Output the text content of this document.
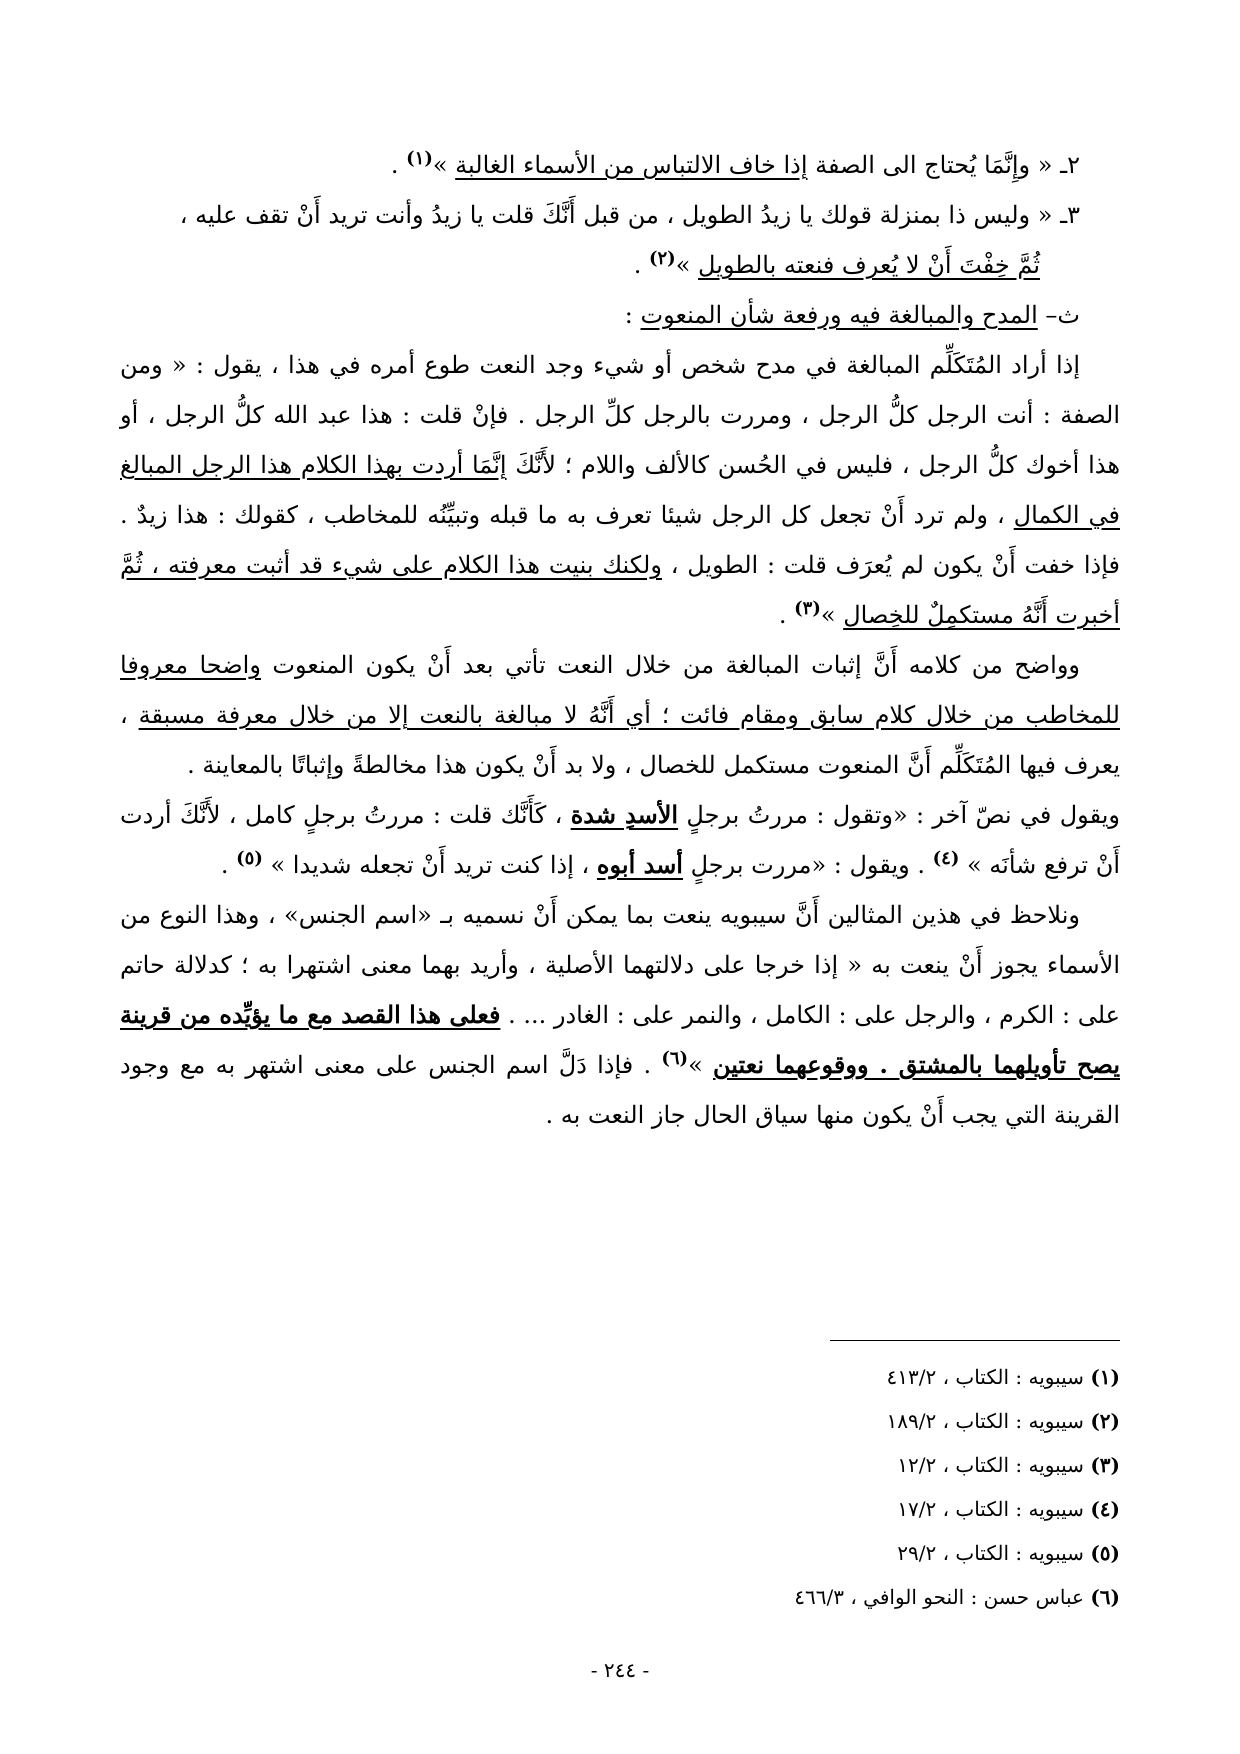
٢ـ « وإِنَّمَا يُحتاج الى الصفة إذا خاف الالتباس من الأسماء الغالبة »$^{(١)}$ .

٣ـ « وليس ذا بمنزلة قولك يا زيدُ الطويل ، من قبل أَنَّكَ قلت يا زيدُ وأنت تريد أَنْ تقف عليه ،
ثُمَّ خِفْتَ أَنْ لا يُعرف فنعته بالطويل »$^{(٢)}$ .

ث– المدح والمبالغة فيه ورفعة شأن المنعوت :

إذا أراد المُتَكَلِّم المبالغة في مدح شخص أو شيء وجد النعت طوع أمره في هذا ، يقول : « ومن الصفة : أنت الرجل كلُّ الرجل ، ومررت بالرجل كلِّ الرجل . فإنْ قلت : هذا عبد الله كلُّ الرجل ، أو هذا أخوك كلُّ الرجل ، فليس في الحُسن كالألف واللام ؛ لأَنَّكَ إنَّمَا أردت بهذا الكلام هذا الرجل المبالغ في الكمال ، ولم ترد أَنْ تجعل كل الرجل شيئا تعرف به ما قبله وتبيِّنُه للمخاطب ، كقولك : هذا زيدٌ . فإذا خفت أَنْ يكون لم يُعرَف قلت : الطويل ، ولكنك بنيت هذا الكلام على شيء قد أثبت معرفته ، ثُمَّ أخبرت أَنَّهُ مستكمِلٌ للخِصال »$^{(٣)}$ .

وواضح من كلامه أَنَّ إثبات المبالغة من خلال النعت تأتي بعد أَنْ يكون المنعوت واضحا معروفا للمخاطب من خلال كلام سابق ومقام فائت ؛ أي أَنَّهُ لا مبالغة بالنعت إلا من خلال معرفة مسبقة ، يعرف فيها المُتَكَلِّم أَنَّ المنعوت مستكمل للخصال ، ولا بد أَنْ يكون هذا مخالطةً وإثباتًا بالمعاينة .

ويقول في نصّ آخر : «وتقول : مررتُ برجلٍ الأسدِ شدة ، كَأَنَّك قلت : مررتُ برجلٍ كامل ، لأَنَّكَ أردت أَنْ ترفع شأنَه » $^{(٤)}$ . ويقول : «مررت برجلٍ أسد أبوه ، إذا كنت تريد أَنْ تجعله شديدا » $^{(٥)}$ .

ونلاحظ في هذين المثالين أَنَّ سيبويه ينعت بما يمكن أَنْ نسميه بـ «اسم الجنس» ، وهذا النوع من الأسماء يجوز أَنْ ينعت به « إذا خرجا على دلالتهما الأصلية ، وأريد بهما معنى اشتهرا به ؛ كدلالة حاتم على : الكرم ، والرجل على : الكامل ، والنمر على : الغادر ... . فعلى هذا القصد مع ما يؤيِّده من قرينة يصح تأويلهما بالمشتق . ووقوعهما نعتين »$^{(٦)}$ . فإذا دَلَّ اسم الجنس على معنى اشتهر به مع وجود القرينة التي يجب أَنْ يكون منها سياق الحال جاز النعت به .

(١) سيبويه : الكتاب ، ٤١٣/٢

(٢) سيبويه : الكتاب ، ١٨٩/٢

(٣) سيبويه : الكتاب ، ١٢/٢

(٤) سيبويه : الكتاب ، ١٧/٢

(٥) سيبويه : الكتاب ، ٢٩/٢

(٦) عباس حسن : النحو الوافي ، ٤٦٦/٣

- ٢٤٤ -
